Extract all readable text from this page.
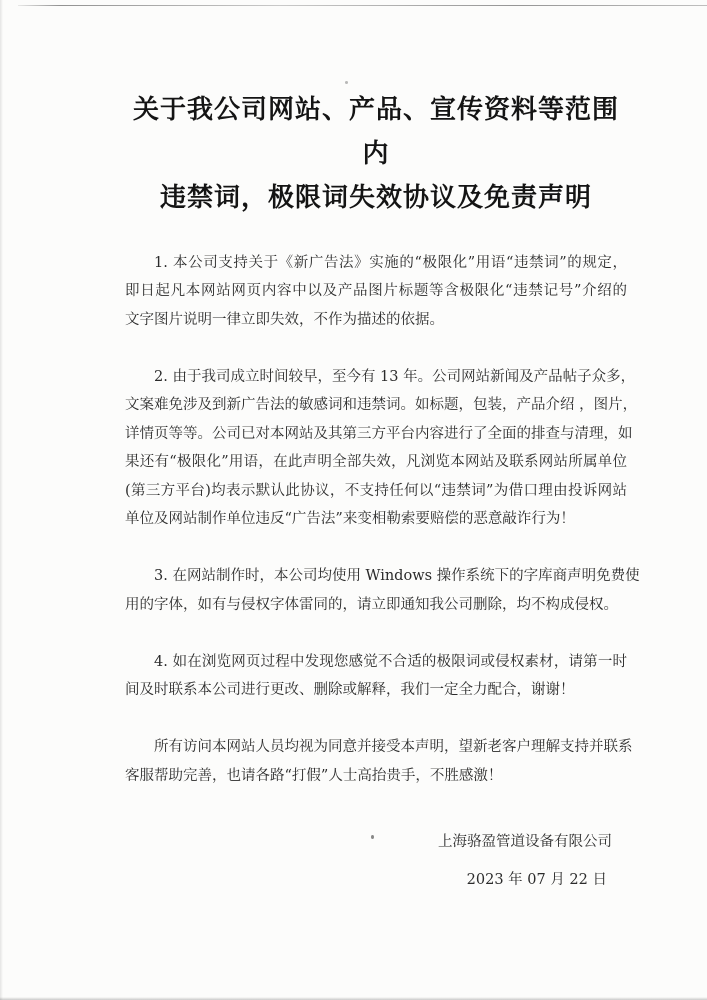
关于我公司网站、产品、宣传资料等范围内
违禁词，极限词失效协议及免责声明
1. 本公司支持关于《新广告法》实施的“极限化”用语“违禁词”的规定，
即日起凡本网站网页内容中以及产品图片标题等含极限化“违禁记号”介绍的
文字图片说明一律立即失效，不作为描述的依据。
2. 由于我司成立时间较早，至今有 13 年。公司网站新闻及产品帖子众多，
文案难免涉及到新广告法的敏感词和违禁词。如标题，包装，产品介绍 ，图片，
详情页等等。公司已对本网站及其第三方平台内容进行了全面的排查与清理，如
果还有“极限化”用语，在此声明全部失效，凡浏览本网站及联系网站所属单位
(第三方平台)均表示默认此协议，不支持任何以“违禁词”为借口理由投诉网站
单位及网站制作单位违反“广告法”来变相勒索要赔偿的恶意敲诈行为！
3. 在网站制作时，本公司均使用 Windows 操作系统下的字库商声明免费使
用的字体，如有与侵权字体雷同的，请立即通知我公司删除，均不构成侵权。
4. 如在浏览网页过程中发现您感觉不合适的极限词或侵权素材，请第一时
间及时联系本公司进行更改、删除或解释，我们一定全力配合，谢谢！
所有访问本网站人员均视为同意并接受本声明，望新老客户理解支持并联系
客服帮助完善，也请各路“打假”人士高抬贵手，不胜感激！
上海骆盈管道设备有限公司
2023 年 07 月 22 日
